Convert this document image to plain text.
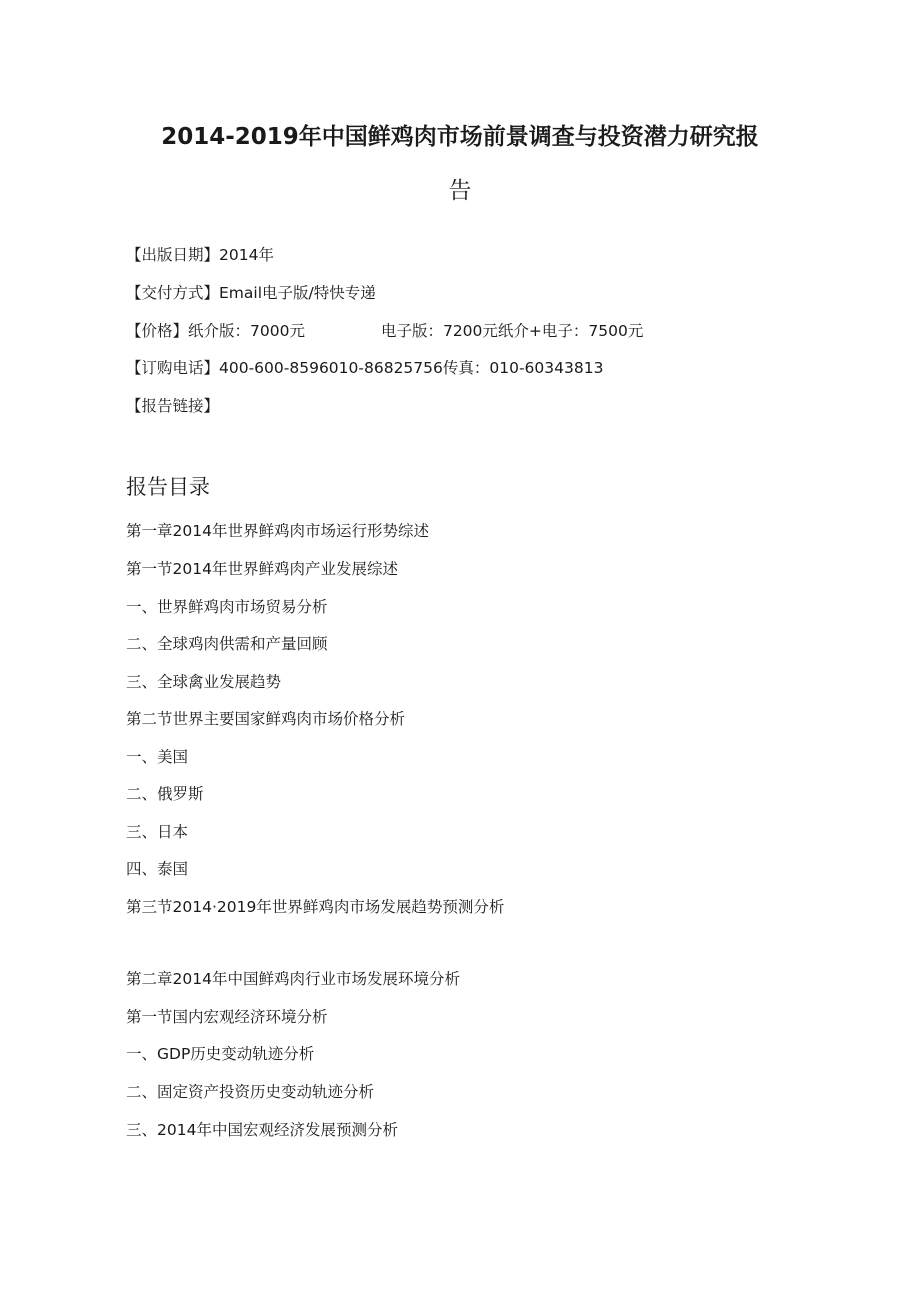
2014-2019年中国鲜鸡肉市场前景调查与投资潜力研究报
告
【出版日期】2014年
【交付方式】Email电子版/特快专递
【价格】纸介版：7000元	电子版：7200元纸介+电子：7500元
【订购电话】400-600-8596010-86825756传真：010-60343813
【报告链接】
报告目录
第一章2014年世界鲜鸡肉市场运行形势综述
第一节2014年世界鲜鸡肉产业发展综述
一、世界鲜鸡肉市场贸易分析
二、全球鸡肉供需和产量回顾
三、全球禽业发展趋势
第二节世界主要国家鲜鸡肉市场价格分析
一、美国
二、俄罗斯
三、日本
四、泰国
第三节2014·2019年世界鲜鸡肉市场发展趋势预测分析
第二章2014年中国鲜鸡肉行业市场发展环境分析
第一节国内宏观经济环境分析
一、GDP历史变动轨迹分析
二、固定资产投资历史变动轨迹分析
三、2014年中国宏观经济发展预测分析
